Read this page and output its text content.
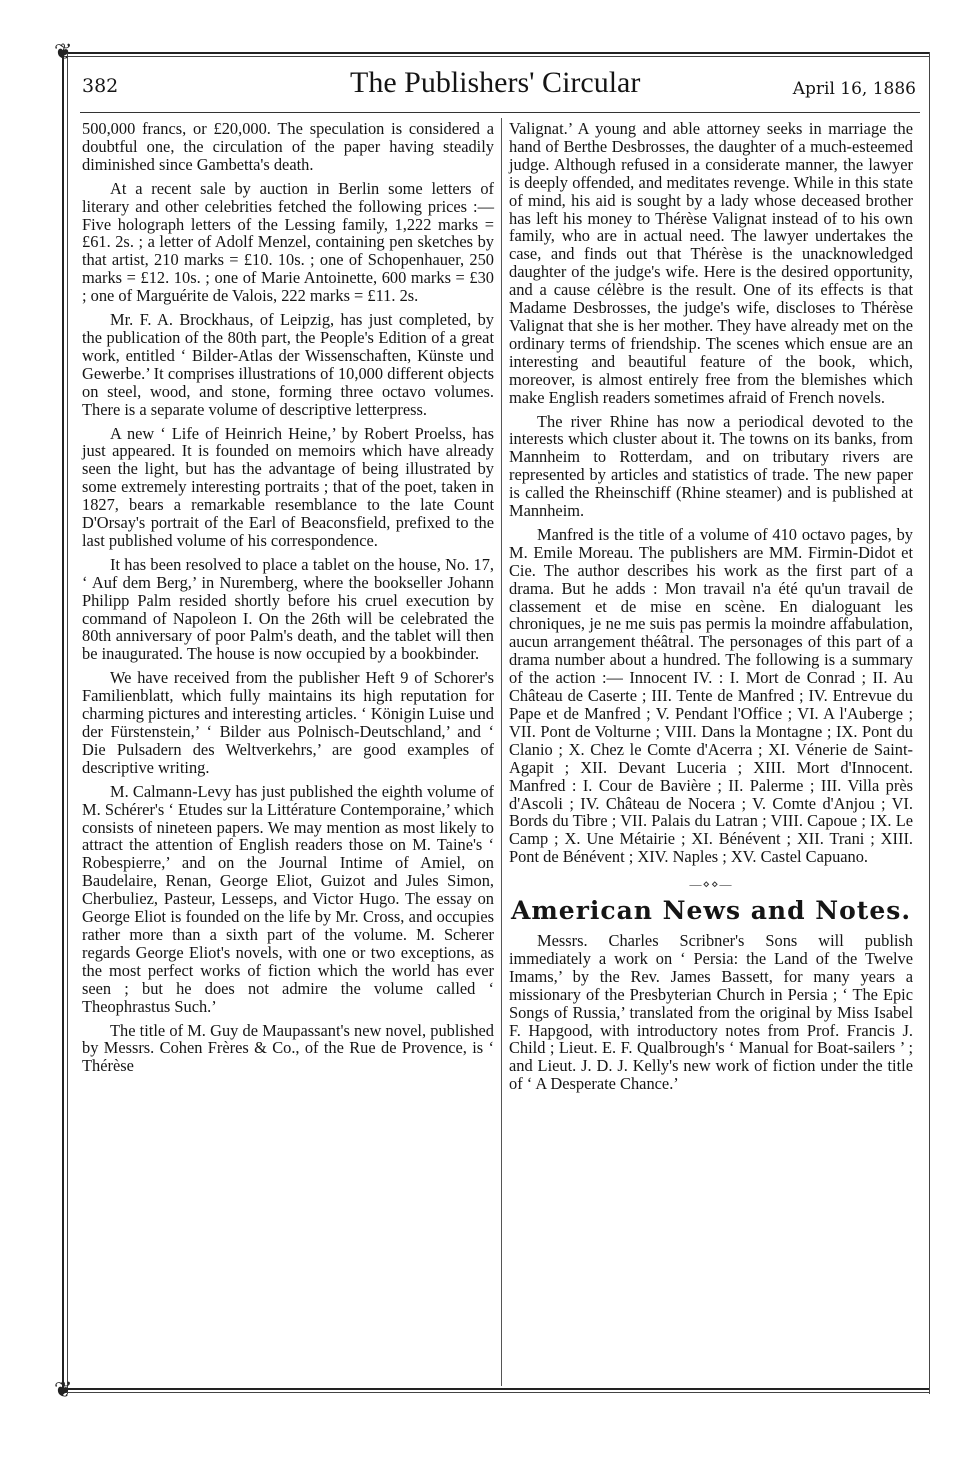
❦
❦
382	The Publishers' Circular	April 16, 1886

500,000 francs, or £20,000. The speculation is considered a doubtful one, the circulation of the paper having steadily diminished since Gambetta's death.

At a recent sale by auction in Berlin some letters of literary and other celebrities fetched the following prices :—Five holograph letters of the Lessing family, 1,222 marks = £61. 2s. ; a letter of Adolf Menzel, containing pen sketches by that artist, 210 marks = £10. 10s. ; one of Schopenhauer, 250 marks = £12. 10s. ; one of Marie Antoinette, 600 marks = £30 ; one of Marguérite de Valois, 222 marks = £11. 2s.

Mr. F. A. Brockhaus, of Leipzig, has just completed, by the publication of the 80th part, the People's Edition of a great work, entitled ‘ Bilder-Atlas der Wissenschaften, Künste und Gewerbe.’ It comprises illustrations of 10,000 different objects on steel, wood, and stone, forming three octavo volumes. There is a separate volume of descriptive letterpress.

A new ‘ Life of Heinrich Heine,’ by Robert Proelss, has just appeared. It is founded on memoirs which have already seen the light, but has the advantage of being illustrated by some extremely interesting portraits ; that of the poet, taken in 1827, bears a remarkable resemblance to the late Count D'Orsay's portrait of the Earl of Beaconsfield, prefixed to the last published volume of his correspondence.

It has been resolved to place a tablet on the house, No. 17, ‘ Auf dem Berg,’ in Nuremberg, where the bookseller Johann Philipp Palm resided shortly before his cruel execution by command of Napoleon I. On the 26th will be celebrated the 80th anniversary of poor Palm's death, and the tablet will then be inaugurated. The house is now occupied by a bookbinder.

We have received from the publisher Heft 9 of Schorer's Familienblatt, which fully maintains its high reputation for charming pictures and interesting articles. ‘ Königin Luise und der Fürstenstein,’ ‘ Bilder aus Polnisch-Deutschland,’ and ‘ Die Pulsadern des Weltverkehrs,’ are good examples of descriptive writing.

M. Calmann-Levy has just published the eighth volume of M. Schérer's ‘ Etudes sur la Littérature Contemporaine,’ which consists of nineteen papers. We may mention as most likely to attract the attention of English readers those on M. Taine's ‘ Robespierre,’ and on the Journal Intime of Amiel, on Baudelaire, Renan, George Eliot, Guizot and Jules Simon, Cherbuliez, Pasteur, Lesseps, and Victor Hugo. The essay on George Eliot is founded on the life by Mr. Cross, and occupies rather more than a sixth part of the volume. M. Scherer regards George Eliot's novels, with one or two exceptions, as the most perfect works of fiction which the world has ever seen ; but he does not admire the volume called ‘ Theophrastus Such.’

The title of M. Guy de Maupassant's new novel, published by Messrs. Cohen Frères & Co., of the Rue de Provence, is ‘ Thérèse

Valignat.’ A young and able attorney seeks in marriage the hand of Berthe Desbrosses, the daughter of a much-esteemed judge. Although refused in a considerate manner, the lawyer is deeply offended, and meditates revenge. While in this state of mind, his aid is sought by a lady whose deceased brother has left his money to Thérèse Valignat instead of to his own family, who are in actual need. The lawyer undertakes the case, and finds out that Thérèse is the unacknowledged daughter of the judge's wife. Here is the desired opportunity, and a cause célèbre is the result. One of its effects is that Madame Desbrosses, the judge's wife, discloses to Thérèse Valignat that she is her mother. They have already met on the ordinary terms of friendship. The scenes which ensue are an interesting and beautiful feature of the book, which, moreover, is almost entirely free from the blemishes which make English readers sometimes afraid of French novels.

The river Rhine has now a periodical devoted to the interests which cluster about it. The towns on its banks, from Mannheim to Rotterdam, and on tributary rivers are represented by articles and statistics of trade. The new paper is called the Rheinschiff (Rhine steamer) and is published at Mannheim.

Manfred is the title of a volume of 410 octavo pages, by M. Emile Moreau. The publishers are MM. Firmin-Didot et Cie. The author describes his work as the first part of a drama. But he adds : Mon travail n'a été qu'un travail de classement et de mise en scène. En dialoguant les chroniques, je ne me suis pas permis la moindre affabulation, aucun arrangement théâtral. The personages of this part of a drama number about a hundred. The following is a summary of the action :— Innocent IV. : I. Mort de Conrad ; II. Au Château de Caserte ; III. Tente de Manfred ; IV. Entrevue du Pape et de Manfred ; V. Pendant l'Office ; VI. A l'Auberge ; VII. Pont de Volturne ; VIII. Dans la Montagne ; IX. Pont du Clanio ; X. Chez le Comte d'Acerra ; XI. Vénerie de Saint-Agapit ; XII. Devant Luceria ; XIII. Mort d'Innocent. Manfred : I. Cour de Bavière ; II. Palerme ; III. Villa près d'Ascoli ; IV. Château de Nocera ; V. Comte d'Anjou ; VI. Bords du Tibre ; VII. Palais du Latran ; VIII. Capoue ; IX. Le Camp ; X. Une Métairie ; XI. Bénévent ; XII. Trani ; XIII. Pont de Bénévent ; XIV. Naples ; XV. Castel Capuano.

—⋄⋄—
American News and Notes.

Messrs. Charles Scribner's Sons will publish immediately a work on ‘ Persia: the Land of the Twelve Imams,’ by the Rev. James Bassett, for many years a missionary of the Presbyterian Church in Persia ; ‘ The Epic Songs of Russia,’ translated from the original by Miss Isabel F. Hapgood, with introductory notes from Prof. Francis J. Child ; Lieut. E. F. Qualbrough's ‘ Manual for Boat-sailers ’ ; and Lieut. J. D. J. Kelly's new work of fiction under the title of ‘ A Desperate Chance.’
